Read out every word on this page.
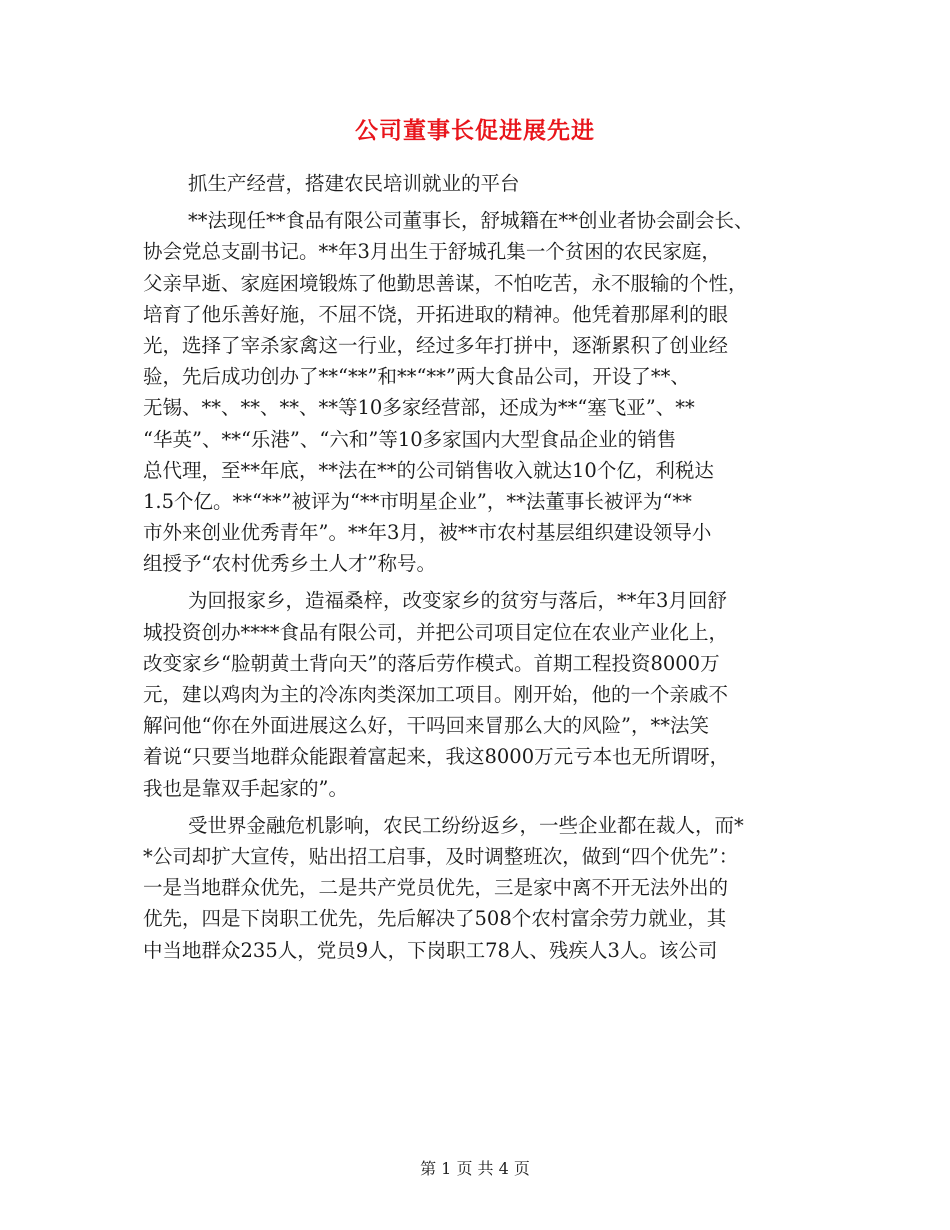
公司董事长促进展先进
抓生产经营，搭建农民培训就业的平台
**法现任**食品有限公司董事长，舒城籍在**创业者协会副会长、
协会党总支副书记。**年3月出生于舒城孔集一个贫困的农民家庭，
父亲早逝、家庭困境锻炼了他勤思善谋，不怕吃苦，永不服输的个性，
培育了他乐善好施，不屈不饶，开拓进取的精神。他凭着那犀利的眼
光，选择了宰杀家禽这一行业，经过多年打拼中，逐渐累积了创业经
验，先后成功创办了**“**”和**“**”两大食品公司，开设了**、
无锡、**、**、**、**等10多家经营部，还成为**“塞飞亚”、**
“华英”、**“乐港”、“六和”等10多家国内大型食品企业的销售
总代理，至**年底，**法在**的公司销售收入就达10个亿，利税达
1.5个亿。**“**”被评为“**市明星企业”，**法董事长被评为“**
市外来创业优秀青年”。**年3月，被**市农村基层组织建设领导小
组授予“农村优秀乡土人才”称号。
为回报家乡，造福桑梓，改变家乡的贫穷与落后，**年3月回舒
城投资创办****食品有限公司，并把公司项目定位在农业产业化上，
改变家乡“脸朝黄土背向天”的落后劳作模式。首期工程投资8000万
元，建以鸡肉为主的冷冻肉类深加工项目。刚开始，他的一个亲戚不
解问他“你在外面进展这么好，干吗回来冒那么大的风险”，**法笑
着说“只要当地群众能跟着富起来，我这8000万元亏本也无所谓呀，
我也是靠双手起家的”。
受世界金融危机影响，农民工纷纷返乡，一些企业都在裁人，而*
*公司却扩大宣传，贴出招工启事，及时调整班次，做到“四个优先”：
一是当地群众优先，二是共产党员优先，三是家中离不开无法外出的
优先，四是下岗职工优先，先后解决了508个农村富余劳力就业，其
中当地群众235人，党员9人，下岗职工78人、残疾人3人。该公司
第 1 页 共 4 页
